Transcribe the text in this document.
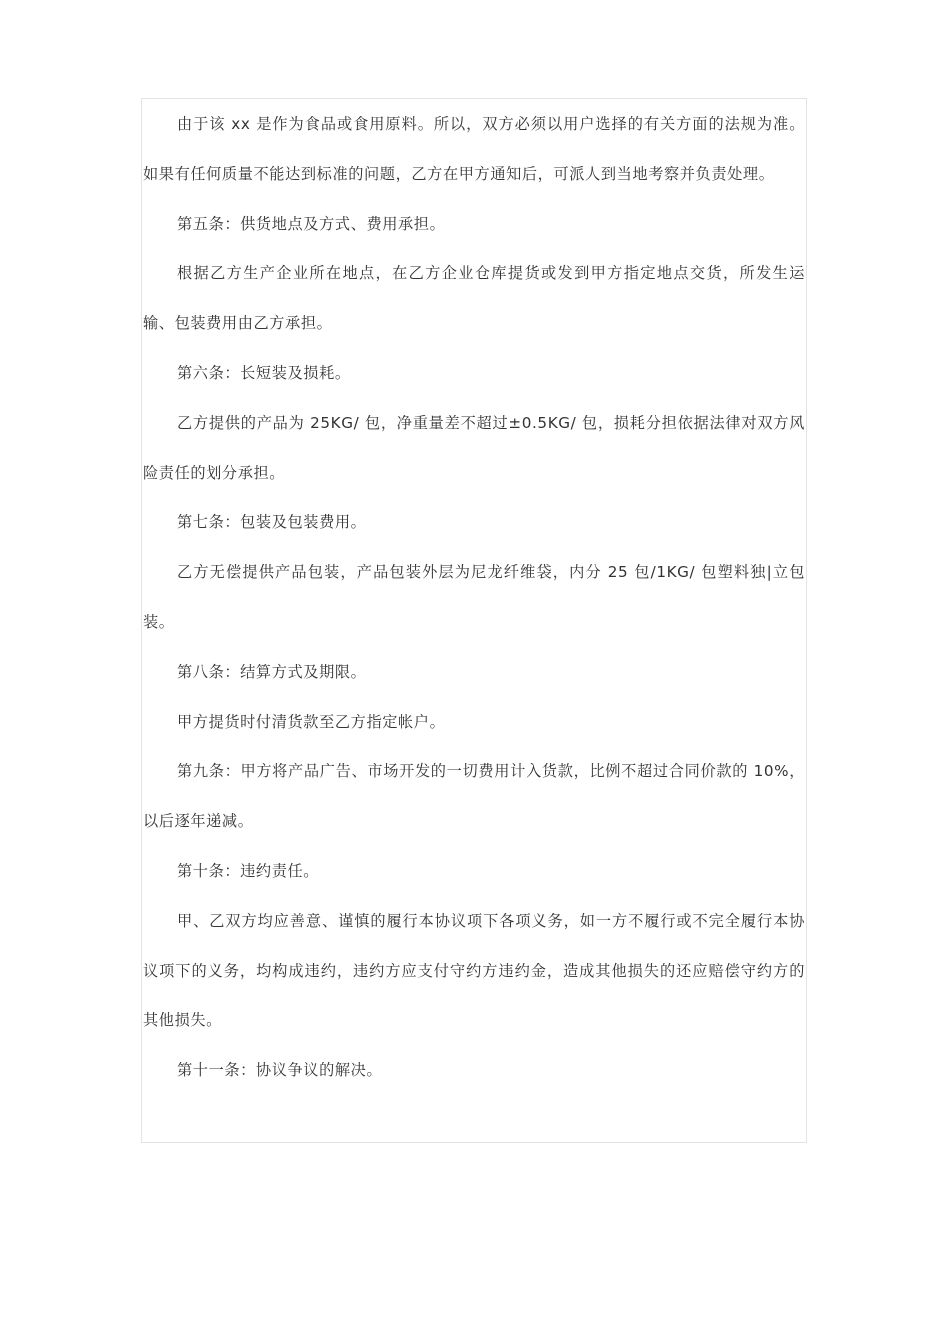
由于该 xx 是作为食品或食用原料。所以，双方必须以用户选择的有关方面的法规为准。如果有任何质量不能达到标准的问题，乙方在甲方通知后，可派人到当地考察并负责处理。

第五条：供货地点及方式、费用承担。

根据乙方生产企业所在地点，在乙方企业仓库提货或发到甲方指定地点交货，所发生运输、包装费用由乙方承担。

第六条：长短装及损耗。

乙方提供的产品为 25KG/ 包，净重量差不超过±0.5KG/ 包，损耗分担依据法律对双方风险责任的划分承担。

第七条：包装及包装费用。

乙方无偿提供产品包装，产品包装外层为尼龙纤维袋，内分 25 包/1KG/ 包塑料独|立包装。

第八条：结算方式及期限。

甲方提货时付清货款至乙方指定帐户。

第九条：甲方将产品广告、市场开发的一切费用计入货款，比例不超过合同价款的 10%，以后逐年递减。

第十条：违约责任。

甲、乙双方均应善意、谨慎的履行本协议项下各项义务，如一方不履行或不完全履行本协议项下的义务，均构成违约，违约方应支付守约方违约金，造成其他损失的还应赔偿守约方的其他损失。

第十一条：协议争议的解决。
